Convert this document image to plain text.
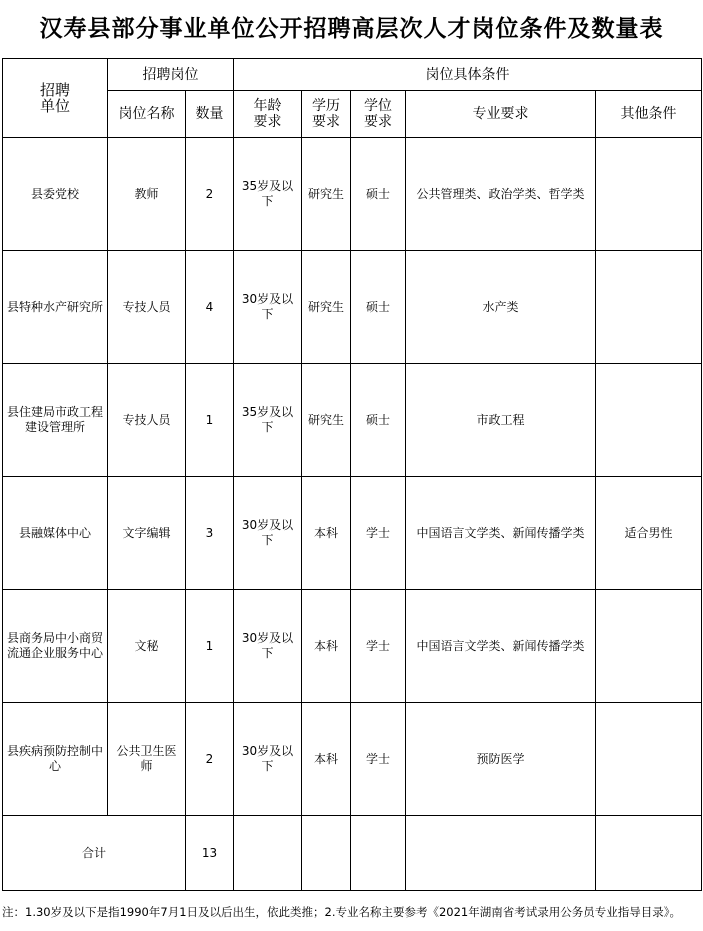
汉寿县部分事业单位公开招聘高层次人才岗位条件及数量表
招聘单位	招聘岗位		岗位具体条件				
	岗位名称	数量	年龄要求	学历要求	学位要求	专业要求	其他条件
县委党校	教师	2	35岁及以下	研究生	硕士	公共管理类、政治学类、哲学类	
县特种水产研究所	专技人员	4	30岁及以下	研究生	硕士	水产类	
县住建局市政工程建设管理所	专技人员	1	35岁及以下	研究生	硕士	市政工程	
县融媒体中心	文字编辑	3	30岁及以下	本科	学士	中国语言文学类、新闻传播学类	适合男性
县商务局中小商贸流通企业服务中心	文秘	1	30岁及以下	本科	学士	中国语言文学类、新闻传播学类	
县疾病预防控制中心	公共卫生医师	2	30岁及以下	本科	学士	预防医学	
合计		13					
注：1.30岁及以下是指1990年7月1日及以后出生，依此类推；2.专业名称主要参考《2021年湖南省考试录用公务员专业指导目录》。
